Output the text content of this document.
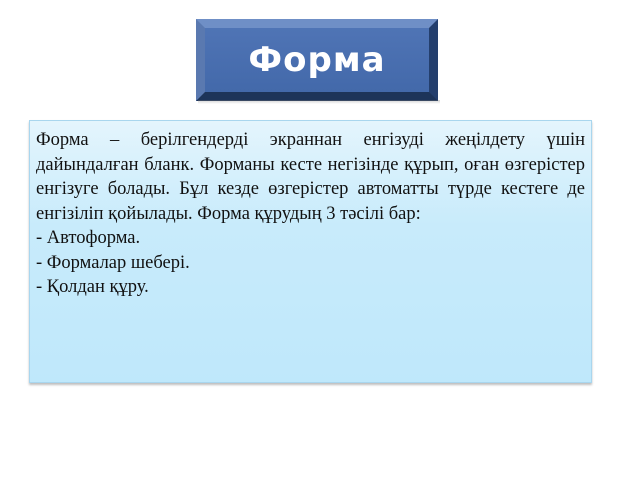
Форма

Форма – берілгендерді экраннан енгізуді жеңілдету үшін дайындалған бланк. Форманы кесте негізінде құрып, оған өзгерістер енгізуге болады. Бұл кезде өзгерістер автоматты түрде кестеге де енгізіліп қойылады. Форма құрудың 3 тәсілі бар:

- Автоформа.
- Формалар шебері.
- Қолдан құру.
